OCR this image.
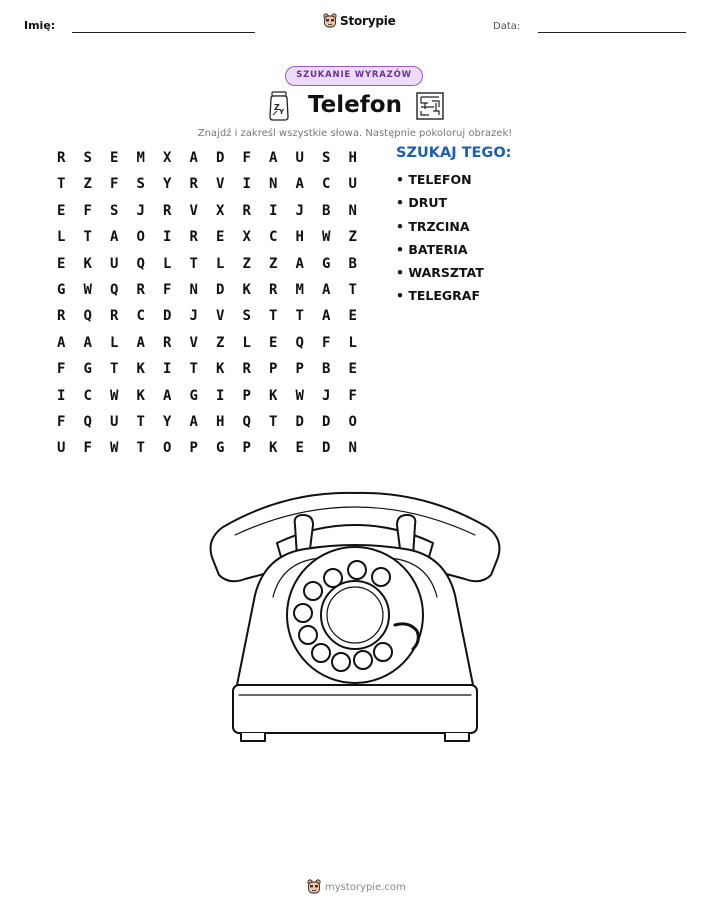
Imię:	Storypie	Data:
SZUKANIE WYRAZÓW
Z Y	Telefon
Znajdź i zakreśl wszystkie słowa. Następnie pokoloruj obrazek!
R	S	E	M	X	A	D	F	A	U	S	H
T	Z	F	S	Y	R	V	I	N	A	C	U
E	F	S	J	R	V	X	R	I	J	B	N
L	T	A	O	I	R	E	X	C	H	W	Z
E	K	U	Q	L	T	L	Z	Z	A	G	B
G	W	Q	R	F	N	D	K	R	M	A	T
R	Q	R	C	D	J	V	S	T	T	A	E
A	A	L	A	R	V	Z	L	E	Q	F	L
F	G	T	K	I	T	K	R	P	P	B	E
I	C	W	K	A	G	I	P	K	W	J	F
F	Q	U	T	Y	A	H	Q	T	D	D	O
U	F	W	T	O	P	G	P	K	E	D	N
SZUKAJ TEGO:
• TELEFON
• DRUT
• TRZCINA
• BATERIA
• WARSZTAT
• TELEGRAF
mystorypie.com
